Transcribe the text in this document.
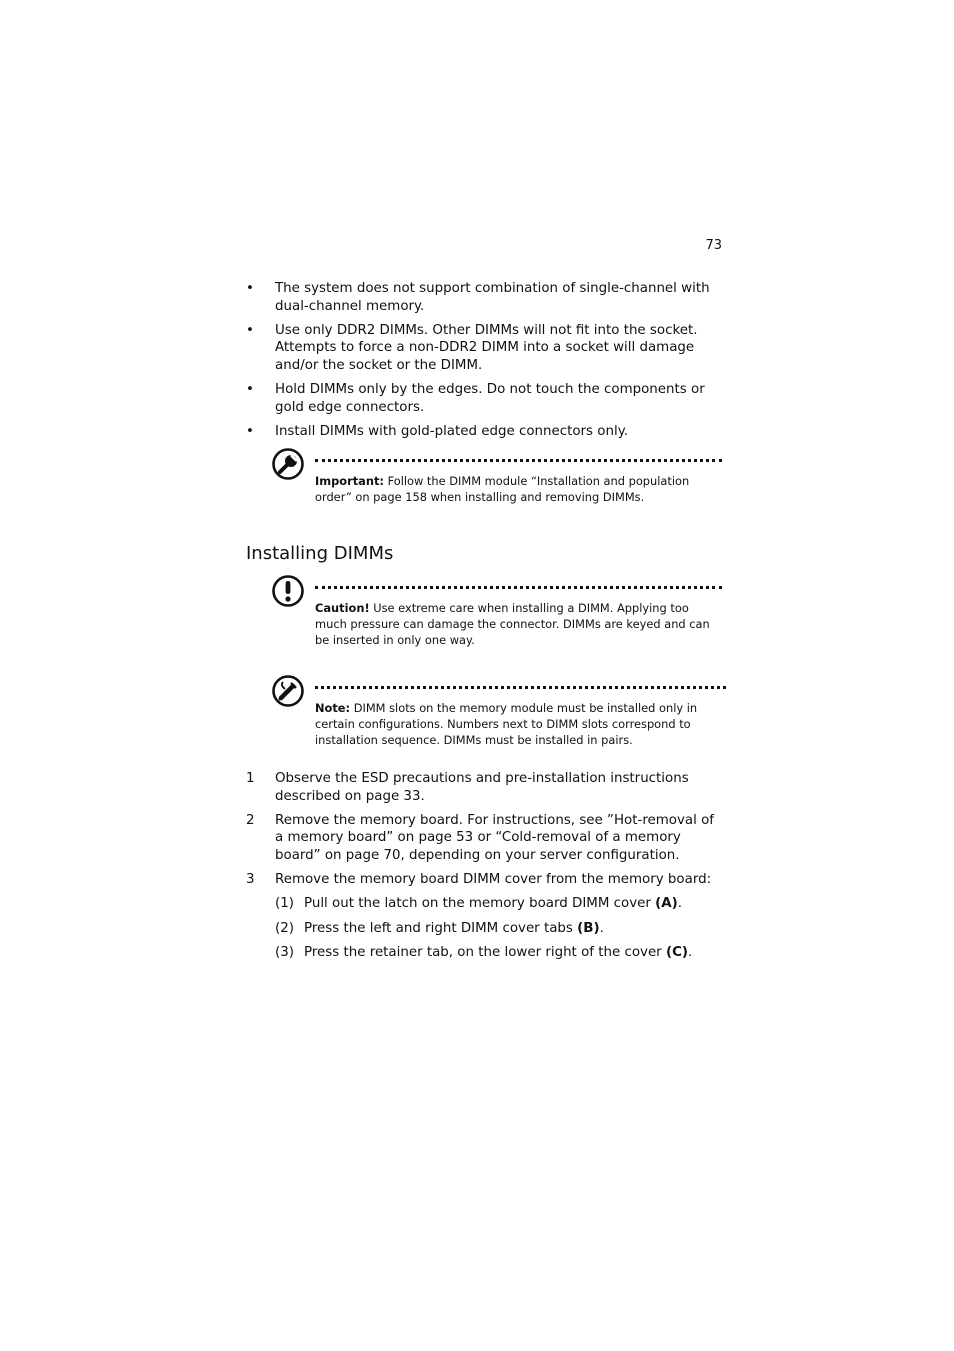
73
• The system does not support combination of single-channel with dual-channel memory.
• Use only DDR2 DIMMs. Other DIMMs will not fit into the socket. Attempts to force a non-DDR2 DIMM into a socket will damage and/or the socket or the DIMM.
• Hold DIMMs only by the edges. Do not touch the components or gold edge connectors.
• Install DIMMs with gold-plated edge connectors only.
Important: Follow the DIMM module “Installation and population order” on page 158 when installing and removing DIMMs.
Installing DIMMs
Caution! Use extreme care when installing a DIMM. Applying too much pressure can damage the connector. DIMMs are keyed and can be inserted in only one way.
Note: DIMM slots on the memory module must be installed only in certain configurations. Numbers next to DIMM slots correspond to installation sequence. DIMMs must be installed in pairs.
1 Observe the ESD precautions and pre-installation instructions described on page 33.
2 Remove the memory board. For instructions, see ”Hot-removal of a memory board” on page 53 or “Cold-removal of a memory board” on page 70, depending on your server configuration.
3 Remove the memory board DIMM cover from the memory board:
(1) Pull out the latch on the memory board DIMM cover (A).
(2) Press the left and right DIMM cover tabs (B).
(3) Press the retainer tab, on the lower right of the cover (C).
